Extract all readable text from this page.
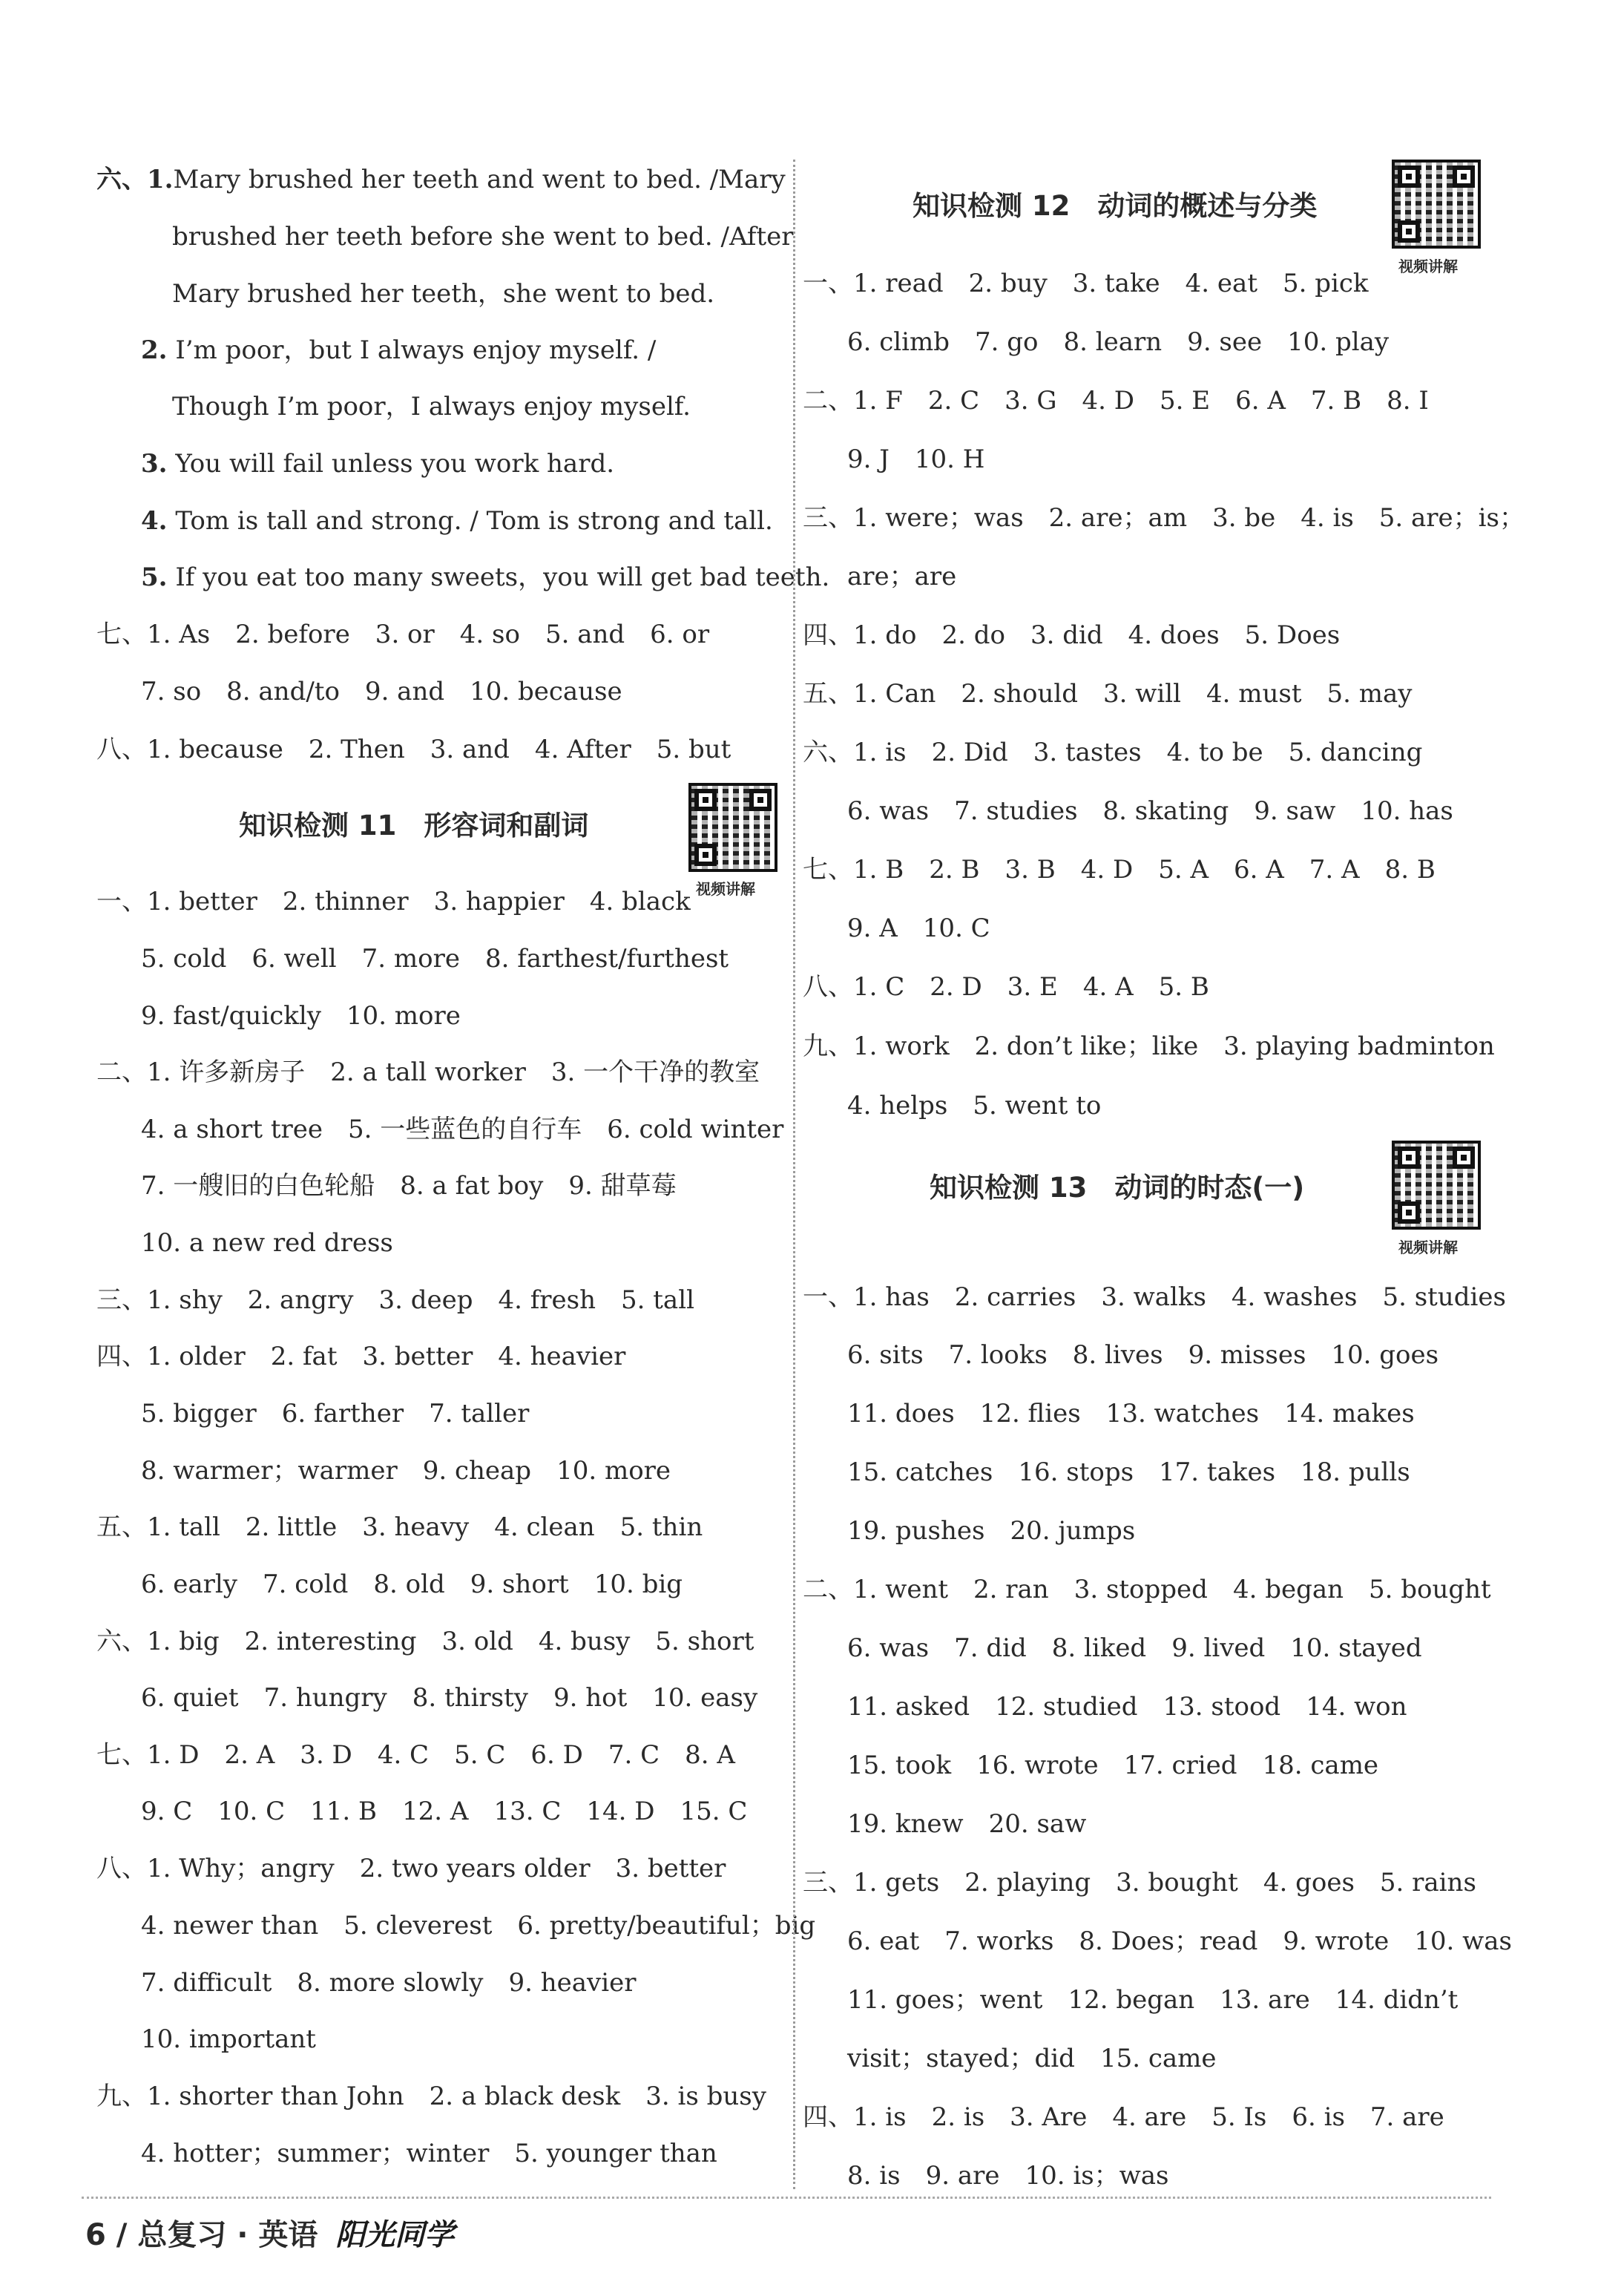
六、1.Mary brushed her teeth and went to bed. /Mary
brushed her teeth before she went to bed. /After
Mary brushed her teeth，she went to bed.
2. I’m poor，but I always enjoy myself. /
Though I’m poor，I always enjoy myself.
3. You will fail unless you work hard.
4. Tom is tall and strong. / Tom is strong and tall.
5. If you eat too many sweets，you will get bad teeth.
七、1. As　2. before　3. or　4. so　5. and　6. or
7. so　8. and/to　9. and　10. because
八、1. because　2. Then　3. and　4. After　5. but
知识检测 11　形容词和副词
视频讲解
一、1. better　2. thinner　3. happier　4. black
5. cold　6. well　7. more　8. farthest/furthest
9. fast/quickly　10. more
二、1. 许多新房子　2. a tall worker　3. 一个干净的教室
4. a short tree　5. 一些蓝色的自行车　6. cold winter
7. 一艘旧的白色轮船　8. a fat boy　9. 甜草莓
10. a new red dress
三、1. shy　2. angry　3. deep　4. fresh　5. tall
四、1. older　2. fat　3. better　4. heavier
5. bigger　6. farther　7. taller
8. warmer；warmer　9. cheap　10. more
五、1. tall　2. little　3. heavy　4. clean　5. thin
6. early　7. cold　8. old　9. short　10. big
六、1. big　2. interesting　3. old　4. busy　5. short
6. quiet　7. hungry　8. thirsty　9. hot　10. easy
七、1. D　2. A　3. D　4. C　5. C　6. D　7. C　8. A
9. C　10. C　11. B　12. A　13. C　14. D　15. C
八、1. Why；angry　2. two years older　3. better
4. newer than　5. cleverest　6. pretty/beautiful；big
7. difficult　8. more slowly　9. heavier
10. important
九、1. shorter than John　2. a black desk　3. is busy
4. hotter；summer；winter　5. younger than
知识检测 12　动词的概述与分类
视频讲解
一、1. read　2. buy　3. take　4. eat　5. pick
6. climb　7. go　8. learn　9. see　10. play
二、1. F　2. C　3. G　4. D　5. E　6. A　7. B　8. I
9. J　10. H
三、1. were；was　2. are；am　3. be　4. is　5. are；is；
are；are
四、1. do　2. do　3. did　4. does　5. Does
五、1. Can　2. should　3. will　4. must　5. may
六、1. is　2. Did　3. tastes　4. to be　5. dancing
6. was　7. studies　8. skating　9. saw　10. has
七、1. B　2. B　3. B　4. D　5. A　6. A　7. A　8. B
9. A　10. C
八、1. C　2. D　3. E　4. A　5. B
九、1. work　2. don’t like；like　3. playing badminton
4. helps　5. went to
知识检测 13　动词的时态(一)
视频讲解
一、1. has　2. carries　3. walks　4. washes　5. studies
6. sits　7. looks　8. lives　9. misses　10. goes
11. does　12. flies　13. watches　14. makes
15. catches　16. stops　17. takes　18. pulls
19. pushes　20. jumps
二、1. went　2. ran　3. stopped　4. began　5. bought
6. was　7. did　8. liked　9. lived　10. stayed
11. asked　12. studied　13. stood　14. won
15. took　16. wrote　17. cried　18. came
19. knew　20. saw
三、1. gets　2. playing　3. bought　4. goes　5. rains
6. eat　7. works　8. Does；read　9. wrote　10. was
11. goes；went　12. began　13. are　14. didn’t
visit；stayed；did　15. came
四、1. is　2. is　3. Are　4. are　5. Is　6. is　7. are
8. is　9. are　10. is；was
6 / 总复习 · 英语 阳光同学
